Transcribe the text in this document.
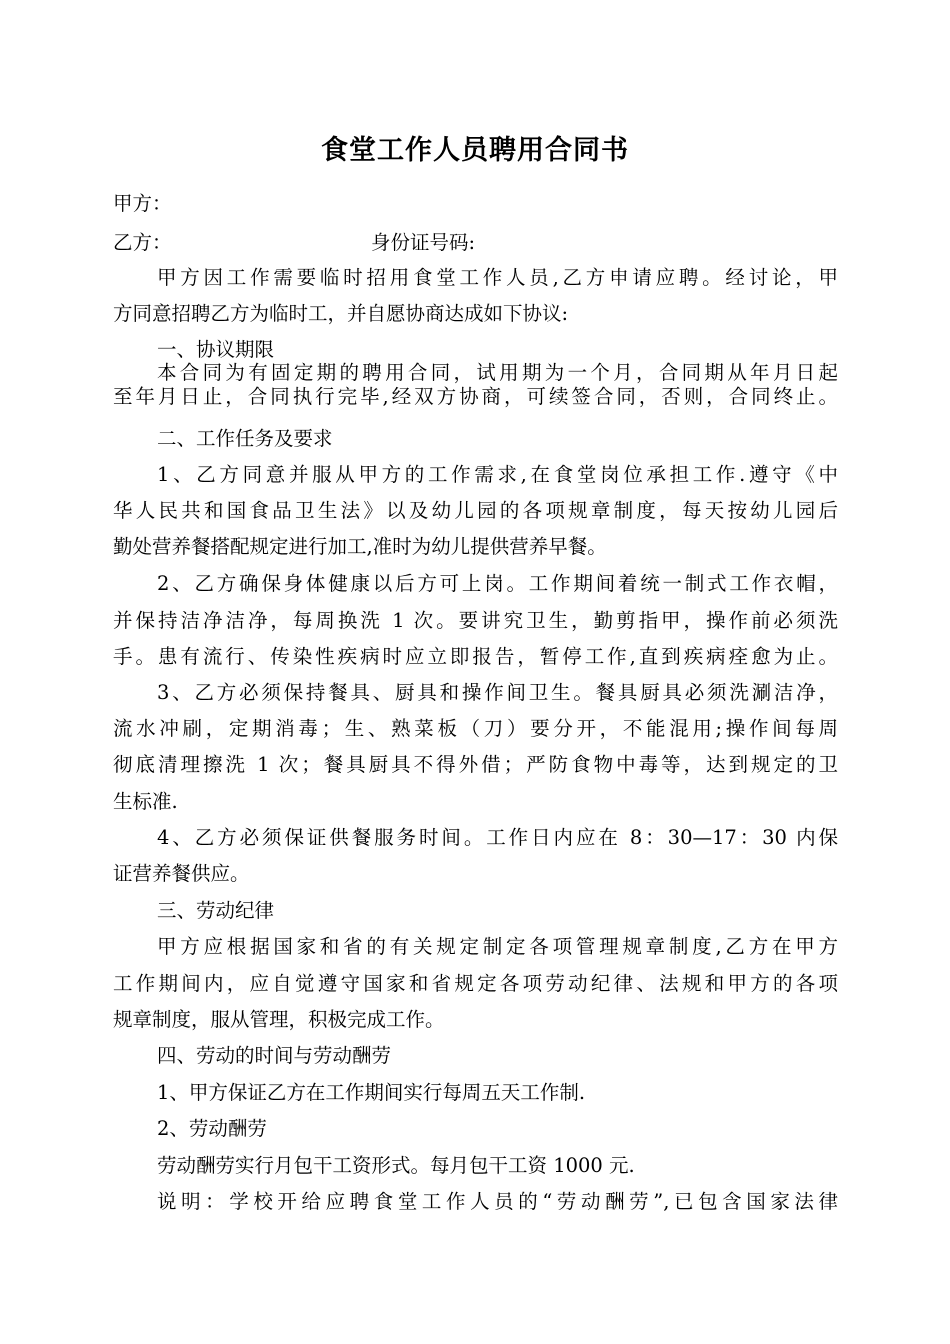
食堂工作人员聘用合同书
甲方：
乙方：	身份证号码:
甲方因工作需要临时招用食堂工作人员,乙方申请应聘。经讨论，甲
方同意招聘乙方为临时工，并自愿协商达成如下协议:
一、协议期限
本合同为有固定期的聘用合同，试用期为一个月，合同期从年月日起
至年月日止，合同执行完毕,经双方协商，可续签合同，否则，合同终止。
二、工作任务及要求
1、乙方同意并服从甲方的工作需求,在食堂岗位承担工作.遵守《中
华人民共和国食品卫生法》以及幼儿园的各项规章制度，每天按幼儿园后
勤处营养餐搭配规定进行加工,准时为幼儿提供营养早餐。
2、乙方确保身体健康以后方可上岗。工作期间着统一制式工作衣帽，
并保持洁净洁净，每周换洗 1 次。要讲究卫生，勤剪指甲，操作前必须洗
手。患有流行、传染性疾病时应立即报告，暂停工作,直到疾病痊愈为止。
3、乙方必须保持餐具、厨具和操作间卫生。餐具厨具必须洗涮洁净，
流水冲刷，定期消毒；生、熟菜板（刀）要分开，不能混用;操作间每周
彻底清理擦洗 1 次；餐具厨具不得外借；严防食物中毒等，达到规定的卫
生标准.
4、乙方必须保证供餐服务时间。工作日内应在 8：30—17：30 内保
证营养餐供应。
三、劳动纪律
甲方应根据国家和省的有关规定制定各项管理规章制度,乙方在甲方
工作期间内，应自觉遵守国家和省规定各项劳动纪律、法规和甲方的各项
规章制度，服从管理，积极完成工作。
四、劳动的时间与劳动酬劳
1、甲方保证乙方在工作期间实行每周五天工作制.
2、劳动酬劳
劳动酬劳实行月包干工资形式。每月包干工资 1000 元.
说明：学校开给应聘食堂工作人员的“劳动酬劳”,已包含国家法律
